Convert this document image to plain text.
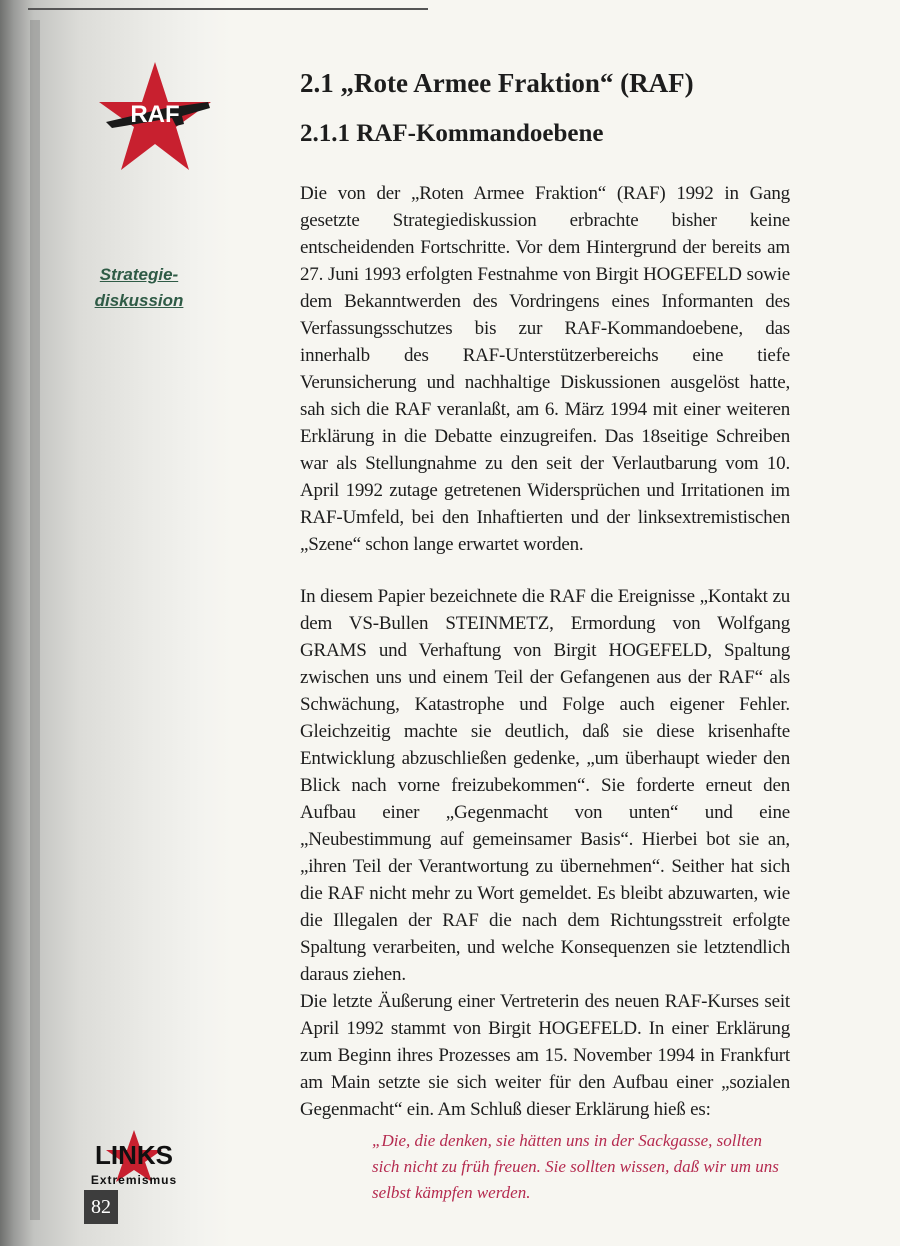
RAF
Strategie-
diskussion
2.1 „Rote Armee Fraktion“ (RAF)
2.1.1 RAF-Kommandoebene

Die von der „Roten Armee Fraktion“ (RAF) 1992 in Gang gesetzte Strategiediskussion erbrachte bisher keine entscheidenden Fortschritte. Vor dem Hintergrund der bereits am 27. Juni 1993 erfolgten Festnahme von Birgit HOGEFELD sowie dem Bekanntwerden des Vordringens eines Informanten des Verfassungsschutzes bis zur RAF-Kommandoebene, das innerhalb des RAF-Unterstützerbereichs eine tiefe Verunsicherung und nachhaltige Diskussionen ausgelöst hatte, sah sich die RAF veranlaßt, am 6. März 1994 mit einer weiteren Erklärung in die Debatte einzugreifen. Das 18seitige Schreiben war als Stellungnahme zu den seit der Verlautbarung vom 10. April 1992 zutage getretenen Widersprüchen und Irritationen im RAF-Umfeld, bei den Inhaftierten und der linksextremistischen „Szene“ schon lange erwartet worden.

In diesem Papier bezeichnete die RAF die Ereignisse „Kontakt zu dem VS-Bullen STEINMETZ, Ermordung von Wolfgang GRAMS und Verhaftung von Birgit HOGEFELD, Spaltung zwischen uns und einem Teil der Gefangenen aus der RAF“ als Schwächung, Katastrophe und Folge auch eigener Fehler. Gleichzeitig machte sie deutlich, daß sie diese krisenhafte Entwicklung abzuschließen gedenke, „um überhaupt wieder den Blick nach vorne freizubekommen“. Sie forderte erneut den Aufbau einer „Gegenmacht von unten“ und eine „Neubestimmung auf gemeinsamer Basis“. Hierbei bot sie an, „ihren Teil der Verantwortung zu übernehmen“. Seither hat sich die RAF nicht mehr zu Wort gemeldet. Es bleibt abzuwarten, wie die Illegalen der RAF die nach dem Richtungsstreit erfolgte Spaltung verarbeiten, und welche Konsequenzen sie letztendlich daraus ziehen.

Die letzte Äußerung einer Vertreterin des neuen RAF-Kurses seit April 1992 stammt von Birgit HOGEFELD. In einer Erklärung zum Beginn ihres Prozesses am 15. November 1994 in Frankfurt am Main setzte sie sich weiter für den Aufbau einer „sozialen Gegenmacht“ ein. Am Schluß dieser Erklärung hieß es:

„Die, die denken, sie hätten uns in der Sackgasse, sollten sich nicht zu früh freuen. Sie sollten wissen, daß wir um uns selbst kämpfen werden.
LINKS
Extremismus
82
